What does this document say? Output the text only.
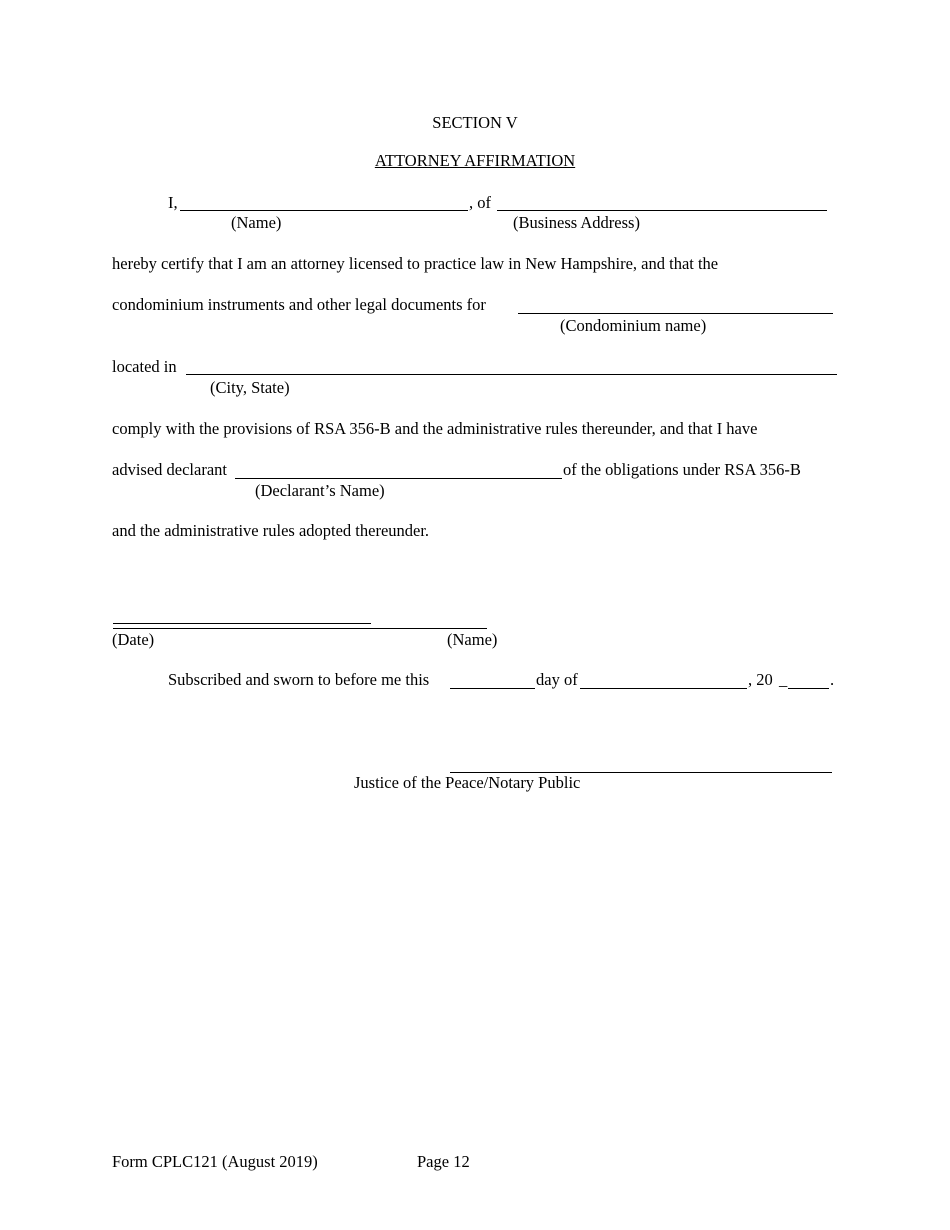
SECTION V
ATTORNEY AFFIRMATION
I,	, of
(Name)	(Business Address)
hereby certify that I am an attorney licensed to practice law in New Hampshire, and that the
condominium instruments and other legal documents for
(Condominium name)
located in
(City, State)
comply with the provisions of RSA 356-B and the administrative rules thereunder, and that I have
advised declarant	of the obligations under RSA 356-B
(Declarant’s Name)
and the administrative rules adopted thereunder.
(Date)	(Name)
Subscribed and sworn to before me this	day of	, 20 _	.
Justice of the Peace/Notary Public
Form CPLC121 (August 2019)	Page 12
